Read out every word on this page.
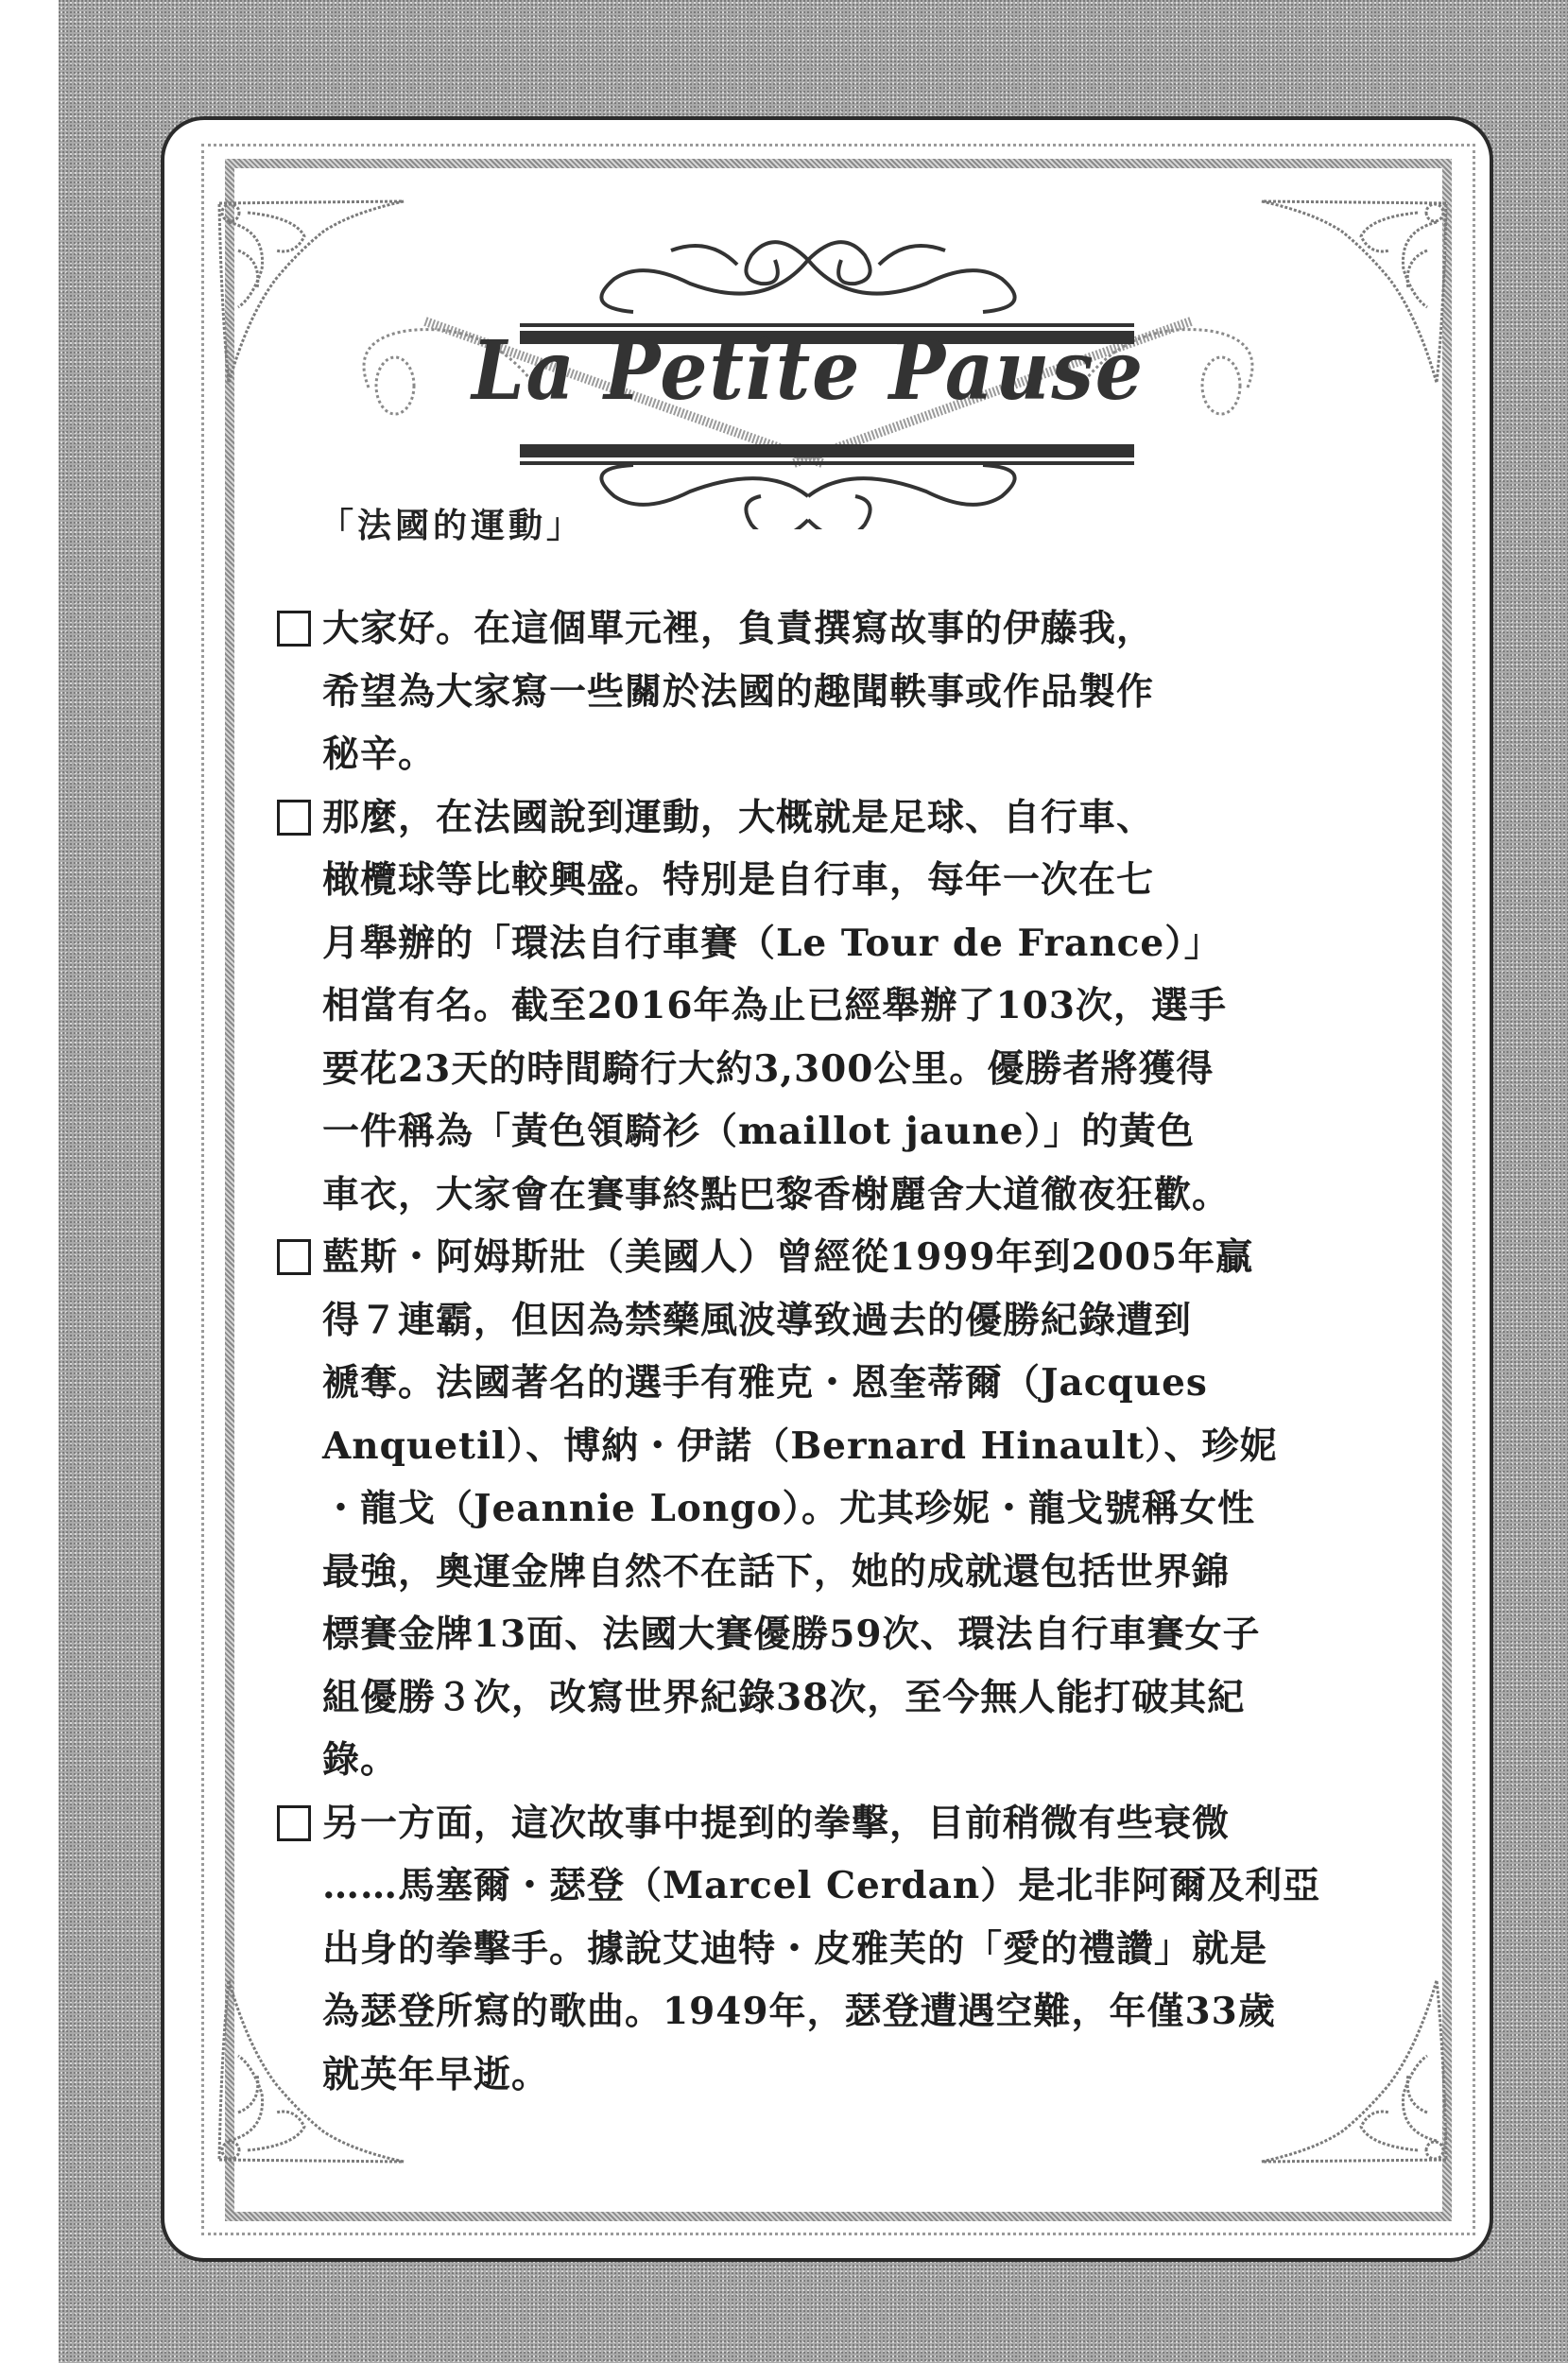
La Petite Pause
「法國的運動」
大家好。在這個單元裡，負責撰寫故事的伊藤我，
希望為大家寫一些關於法國的趣聞軼事或作品製作
秘辛。
那麼，在法國說到運動，大概就是足球、自行車、
橄欖球等比較興盛。特別是自行車，每年一次在七
月舉辦的「環法自行車賽（Le Tour de France）」
相當有名。截至2016年為止已經舉辦了103次，選手
要花23天的時間騎行大約3,300公里。優勝者將獲得
一件稱為「黃色領騎衫（maillot jaune）」的黃色
車衣，大家會在賽事終點巴黎香榭麗舍大道徹夜狂歡。
藍斯・阿姆斯壯（美國人）曾經從1999年到2005年贏
得７連霸，但因為禁藥風波導致過去的優勝紀錄遭到
褫奪。法國著名的選手有雅克・恩奎蒂爾（Jacques
Anquetil）、博納・伊諾（Bernard Hinault）、珍妮
・龍戈（Jeannie Longo）。尤其珍妮・龍戈號稱女性
最強，奧運金牌自然不在話下，她的成就還包括世界錦
標賽金牌13面、法國大賽優勝59次、環法自行車賽女子
組優勝３次，改寫世界紀錄38次，至今無人能打破其紀
錄。
另一方面，這次故事中提到的拳擊，目前稍微有些衰微
……馬塞爾・瑟登（Marcel Cerdan）是北非阿爾及利亞
出身的拳擊手。據說艾迪特・皮雅芙的「愛的禮讚」就是
為瑟登所寫的歌曲。1949年，瑟登遭遇空難，年僅33歲
就英年早逝。
